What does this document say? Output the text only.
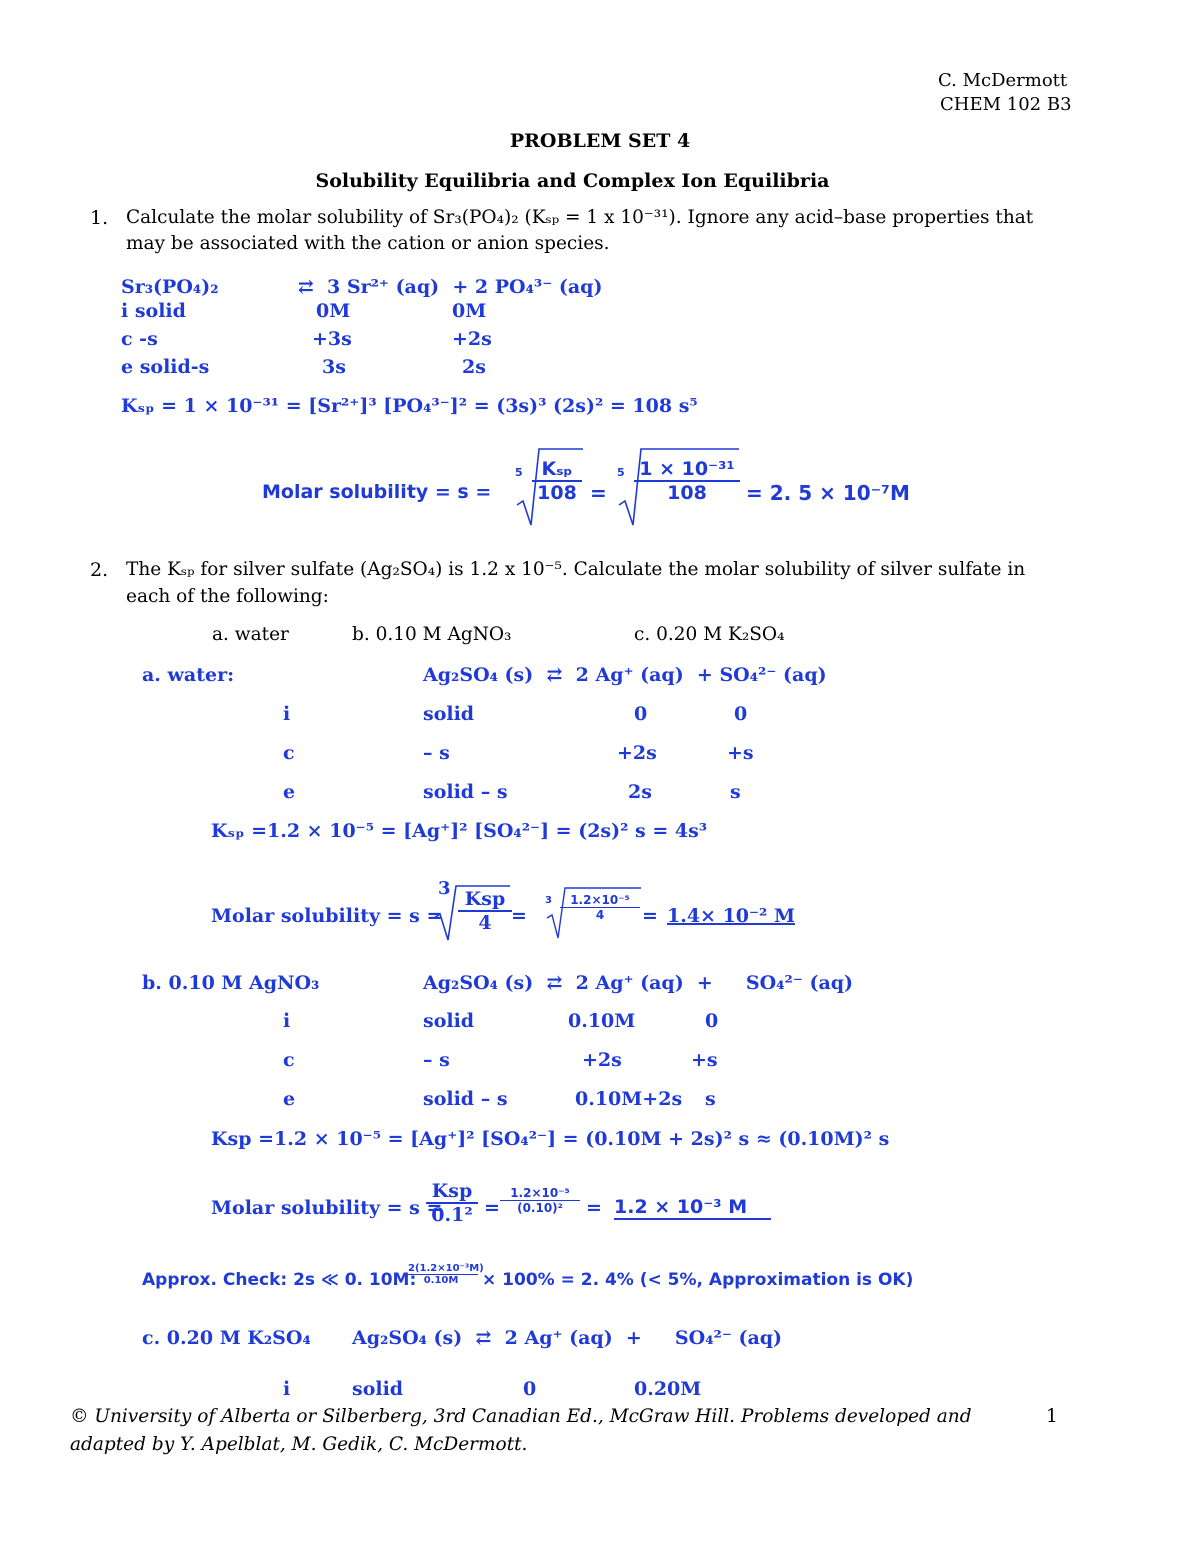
C. McDermott
CHEM 102 B3
PROBLEM SET 4
Solubility Equilibria and Complex Ion Equilibria
1. Calculate the molar solubility of Sr₃(PO₄)₂ (Kₛₚ = 1 x 10⁻³¹). Ignore any acid–base properties that
may be associated with the cation or anion species.
Sr₃(PO₄)₂            ⇄  3 Sr²⁺ (aq)  + 2 PO₄³⁻ (aq)
i solid	0M	0M
c -s	+3s	+2s
e solid-s	3s	2s
Kₛₚ = 1 × 10⁻³¹ = [Sr²⁺]³ [PO₄³⁻]² = (3s)³ (2s)² = 108 s⁵
Molar solubility = s =
5 Kₛₚ
108 =
$5 \frac{\text{1 × 10⁻³¹}}{108} = 2$. 5 × 10⁻⁷M
2. The Kₛₚ for silver sulfate (Ag₂SO₄) is 1.2 x 10⁻⁵. Calculate the molar solubility of silver sulfate in
each of the following:
a. water	b. 0.10 M AgNO₃	c. 0.20 M K₂SO₄
a. water:	Ag₂SO₄ (s)  ⇄  2 Ag⁺ (aq)  + SO₄²⁻ (aq)
i	solid	0	0
c	– s	+2s	+s
e	solid – s	2s	s
Kₛₚ =1.2 × 10⁻⁵ = [Ag⁺]² [SO₄²⁻] = (2s)² s = 4s³
Molar solubility = s =
3 Ksp
4	=
$3 \frac{\text{1.2×10⁻⁵}}{4} = 1.4\times 10^{-2}$ M
b. 0.10 M AgNO₃	Ag₂SO₄ (s)  ⇄  2 Ag⁺ (aq)  +     SO₄²⁻ (aq)
i	solid	0.10M	0
c	– s	+2s	+s
e	solid – s	0.10M+2s s
Ksp =1.2 × 10⁻⁵ = [Ag⁺]² [SO₄²⁻] = (0.10M + 2s)² s ≈ (0.10M)² s
Molar solubility = s =
Ksp
$0.1^2 = \frac{\text{1.2×10⁻⁵}}{\text{(0.10)²}} = 1.2 \times 10^{-3}$ M
Approx. Check: 2s ≪ 0. 10M:
$\frac{\text{2(1.2×10⁻³M)}}{0.10M} \times 100\% = 2$. 4% (< 5%, Approximation is OK)
c. 0.20 M K₂SO₄ Ag₂SO₄ (s)  ⇄  2 Ag⁺ (aq)  +     SO₄²⁻ (aq)
i	solid	0	0.20M
© University of Alberta or Silberberg, 3rd Canadian Ed., McGraw Hill. Problems developed and
adapted by Y. Apelblat, M. Gedik, C. McDermott.
1
